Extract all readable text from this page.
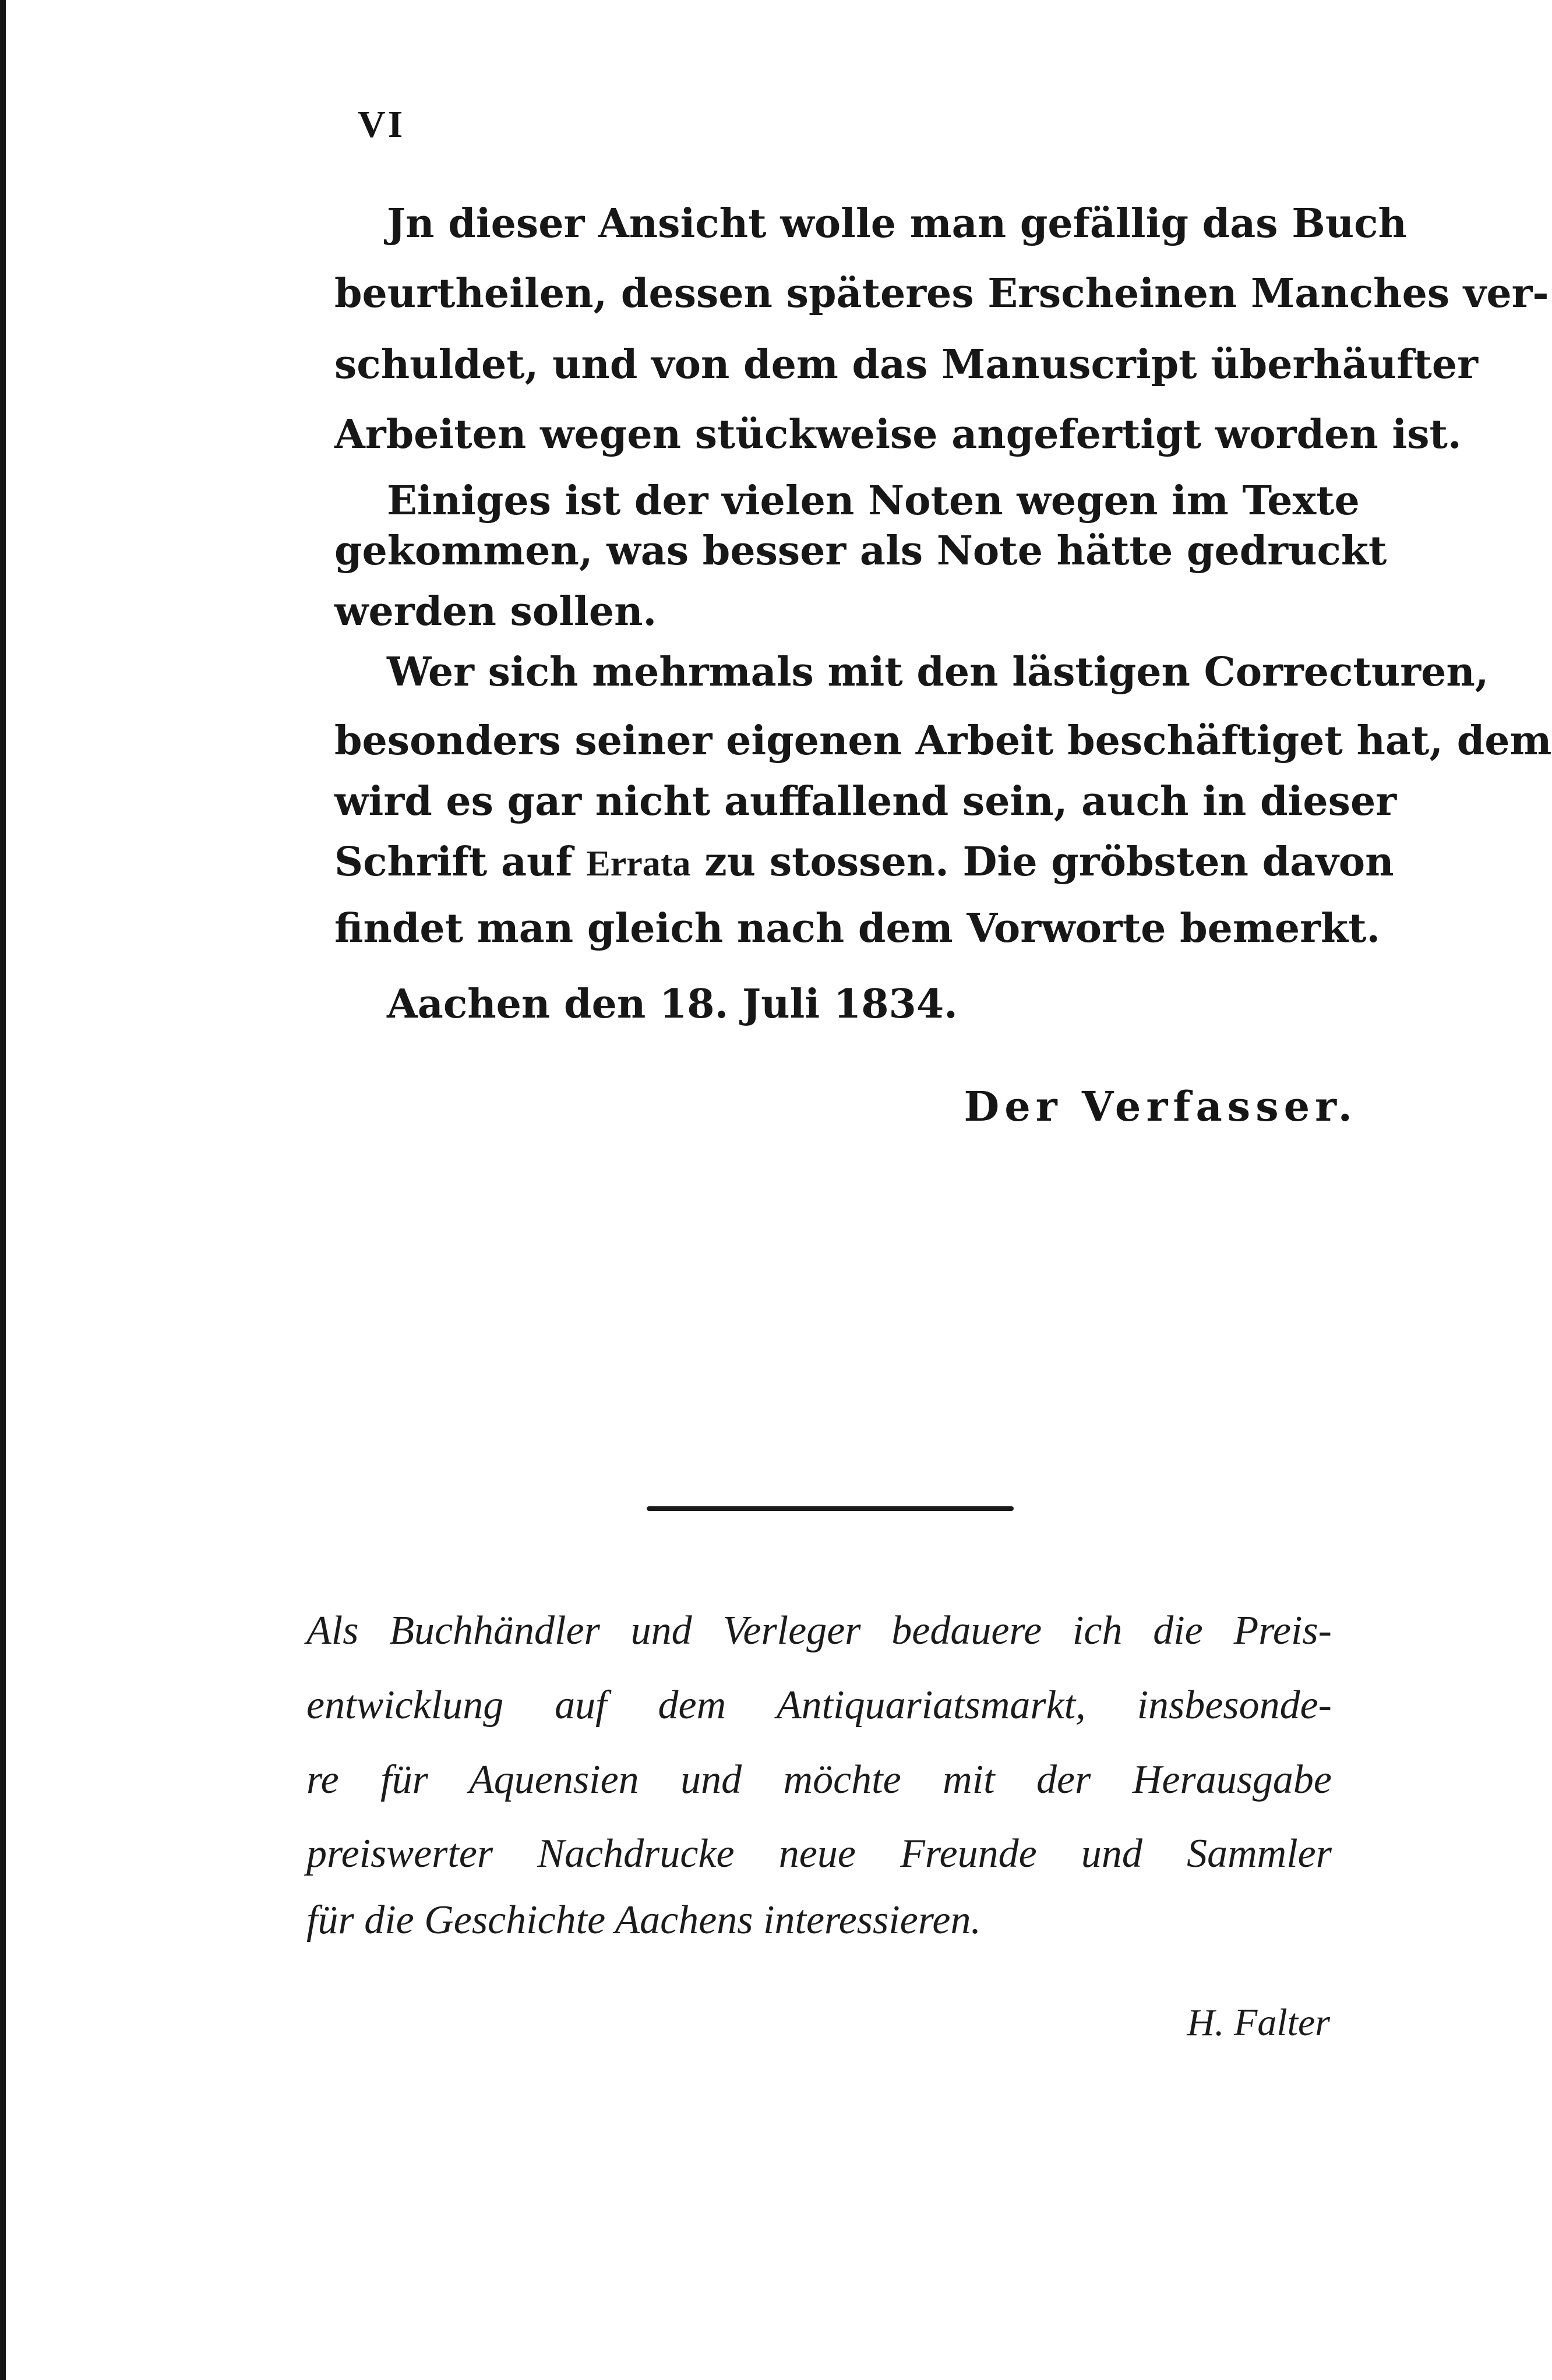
VI
Jn dieser Ansicht wolle man gefällig das Buch
beurtheilen, dessen späteres Erscheinen Manches ver-
schuldet, und von dem das Manuscript überhäufter
Arbeiten wegen stückweise angefertigt worden ist.
Einiges ist der vielen Noten wegen im Texte
gekommen, was besser als Note hätte gedruckt
werden sollen.
Wer sich mehrmals mit den lästigen Correcturen,
besonders seiner eigenen Arbeit beschäftiget hat, dem
wird es gar nicht auffallend sein, auch in dieser
Schrift auf Errata zu stossen. Die gröbsten davon
findet man gleich nach dem Vorworte bemerkt.
Aachen den 18. Juli 1834.
Der Verfasser.
Als Buchhändler und Verleger bedauere ich die Preis-
entwicklung auf dem Antiquariatsmarkt, insbesonde-
re für Aquensien und möchte mit der Herausgabe
preiswerter Nachdrucke neue Freunde und Sammler
für die Geschichte Aachens interessieren.
H. Falter
